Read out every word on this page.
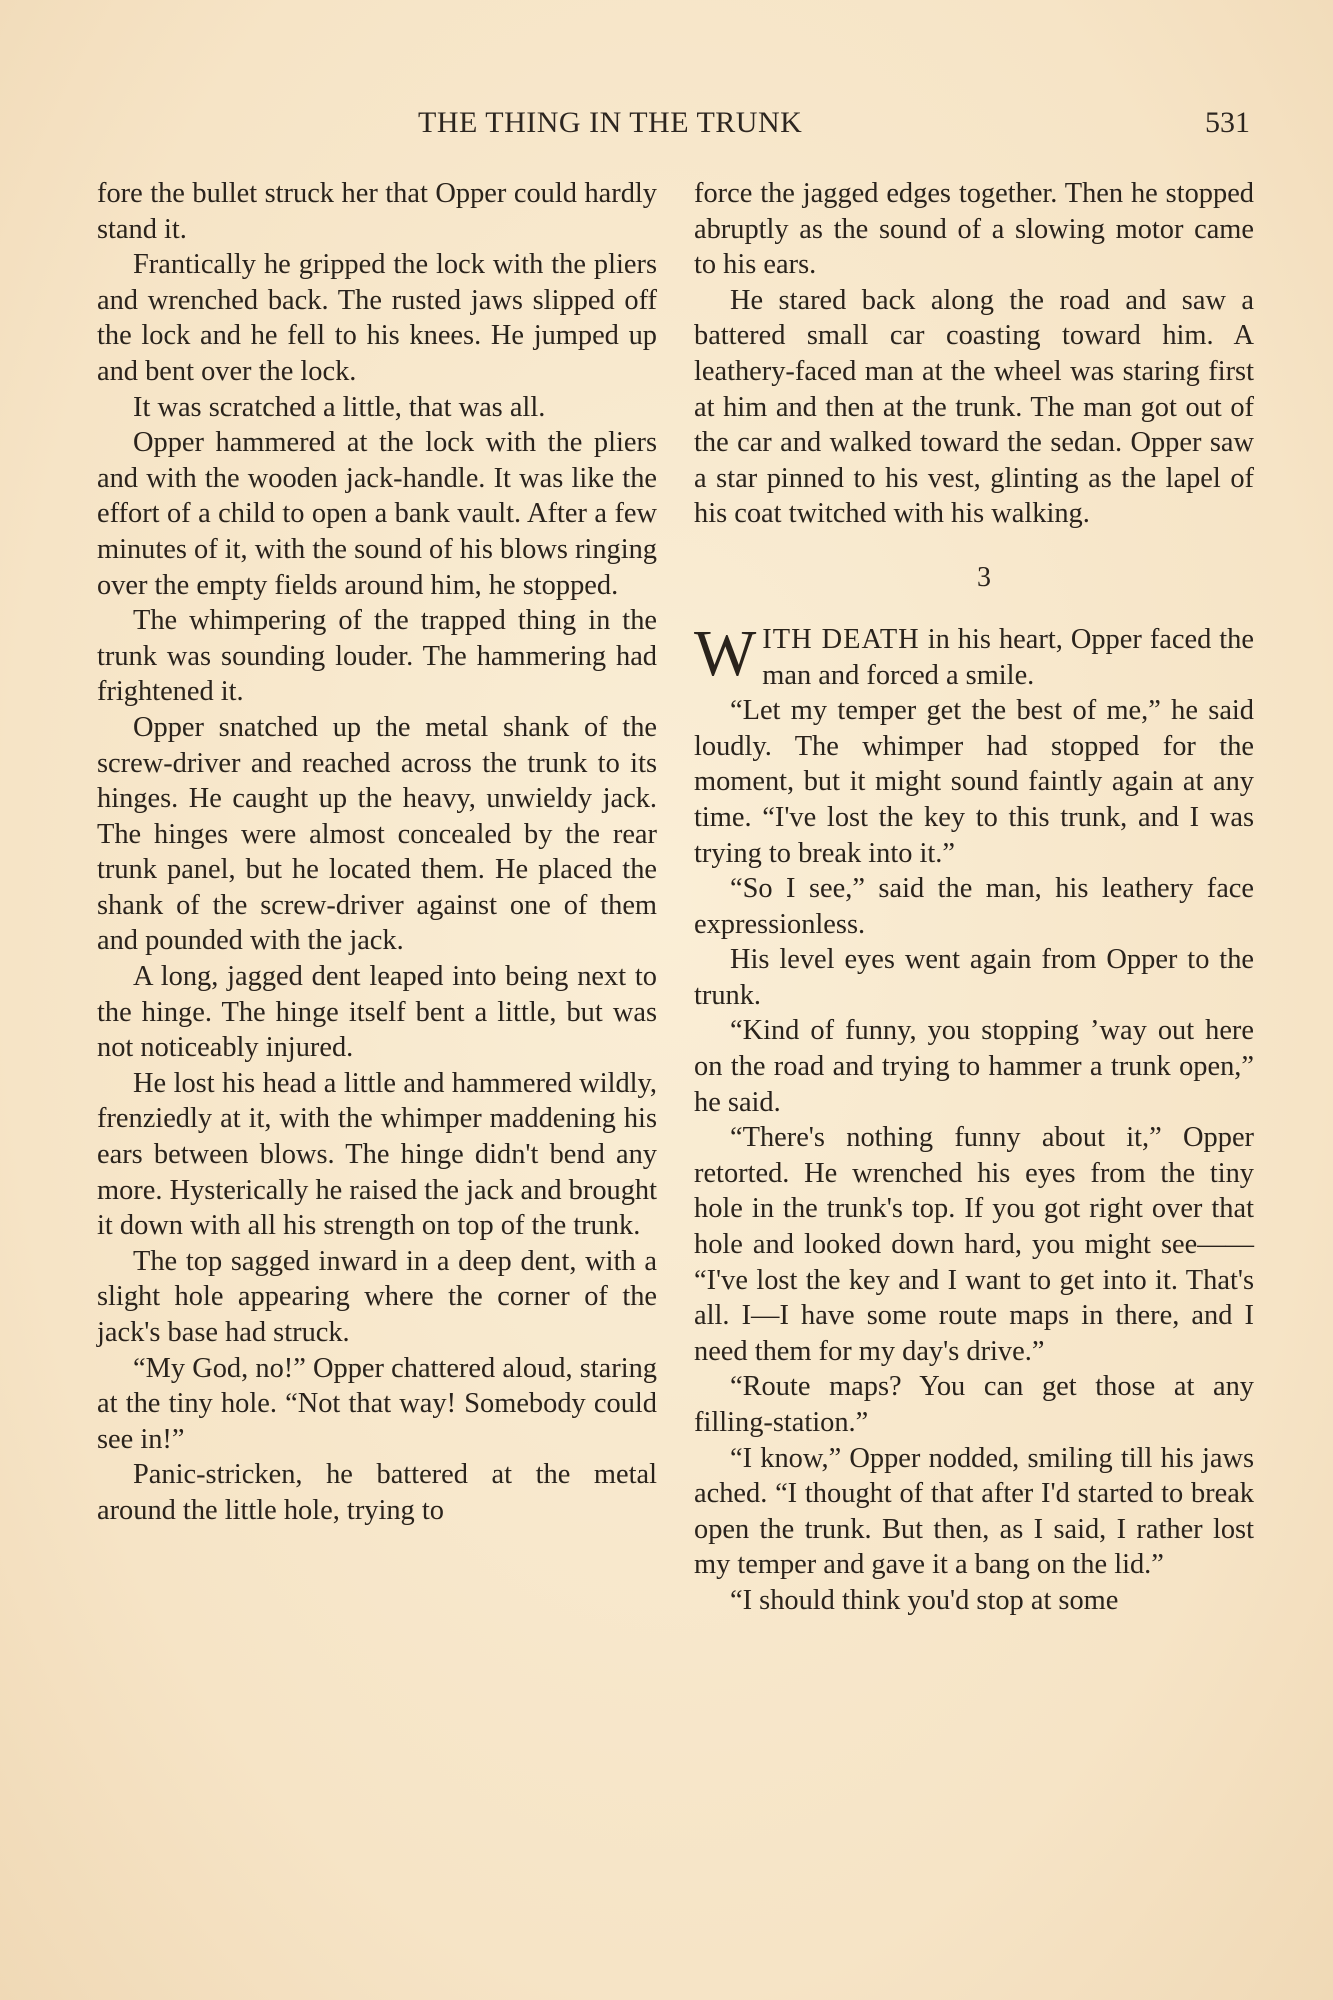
THE THING IN THE TRUNK	531

fore the bullet struck her that Opper could hardly stand it.

Frantically he gripped the lock with the pliers and wrenched back. The rusted jaws slipped off the lock and he fell to his knees. He jumped up and bent over the lock.

It was scratched a little, that was all.

Opper hammered at the lock with the pliers and with the wooden jack-handle. It was like the effort of a child to open a bank vault. After a few minutes of it, with the sound of his blows ringing over the empty fields around him, he stopped.

The whimpering of the trapped thing in the trunk was sounding louder. The hammering had frightened it.

Opper snatched up the metal shank of the screw-driver and reached across the trunk to its hinges. He caught up the heavy, unwieldy jack. The hinges were almost concealed by the rear trunk panel, but he located them. He placed the shank of the screw-driver against one of them and pounded with the jack.

A long, jagged dent leaped into being next to the hinge. The hinge itself bent a little, but was not noticeably injured.

He lost his head a little and hammered wildly, frenziedly at it, with the whimper maddening his ears between blows. The hinge didn't bend any more. Hysterically he raised the jack and brought it down with all his strength on top of the trunk.

The top sagged inward in a deep dent, with a slight hole appearing where the corner of the jack's base had struck.

“My God, no!” Opper chattered aloud, staring at the tiny hole. “Not that way! Somebody could see in!”

Panic-stricken, he battered at the metal around the little hole, trying to

force the jagged edges together. Then he stopped abruptly as the sound of a slowing motor came to his ears.

He stared back along the road and saw a battered small car coasting toward him. A leathery-faced man at the wheel was staring first at him and then at the trunk. The man got out of the car and walked toward the sedan. Opper saw a star pinned to his vest, glinting as the lapel of his coat twitched with his walking.

3

WITH DEATH in his heart, Opper faced the man and forced a smile.

“Let my temper get the best of me,” he said loudly. The whimper had stopped for the moment, but it might sound faintly again at any time. “I've lost the key to this trunk, and I was trying to break into it.”

“So I see,” said the man, his leathery face expressionless.

His level eyes went again from Opper to the trunk.

“Kind of funny, you stopping ’way out here on the road and trying to hammer a trunk open,” he said.

“There's nothing funny about it,” Opper retorted. He wrenched his eyes from the tiny hole in the trunk's top. If you got right over that hole and looked down hard, you might see—— “I've lost the key and I want to get into it. That's all. I—I have some route maps in there, and I need them for my day's drive.”

“Route maps? You can get those at any filling-station.”

“I know,” Opper nodded, smiling till his jaws ached. “I thought of that after I'd started to break open the trunk. But then, as I said, I rather lost my temper and gave it a bang on the lid.”

“I should think you'd stop at some
